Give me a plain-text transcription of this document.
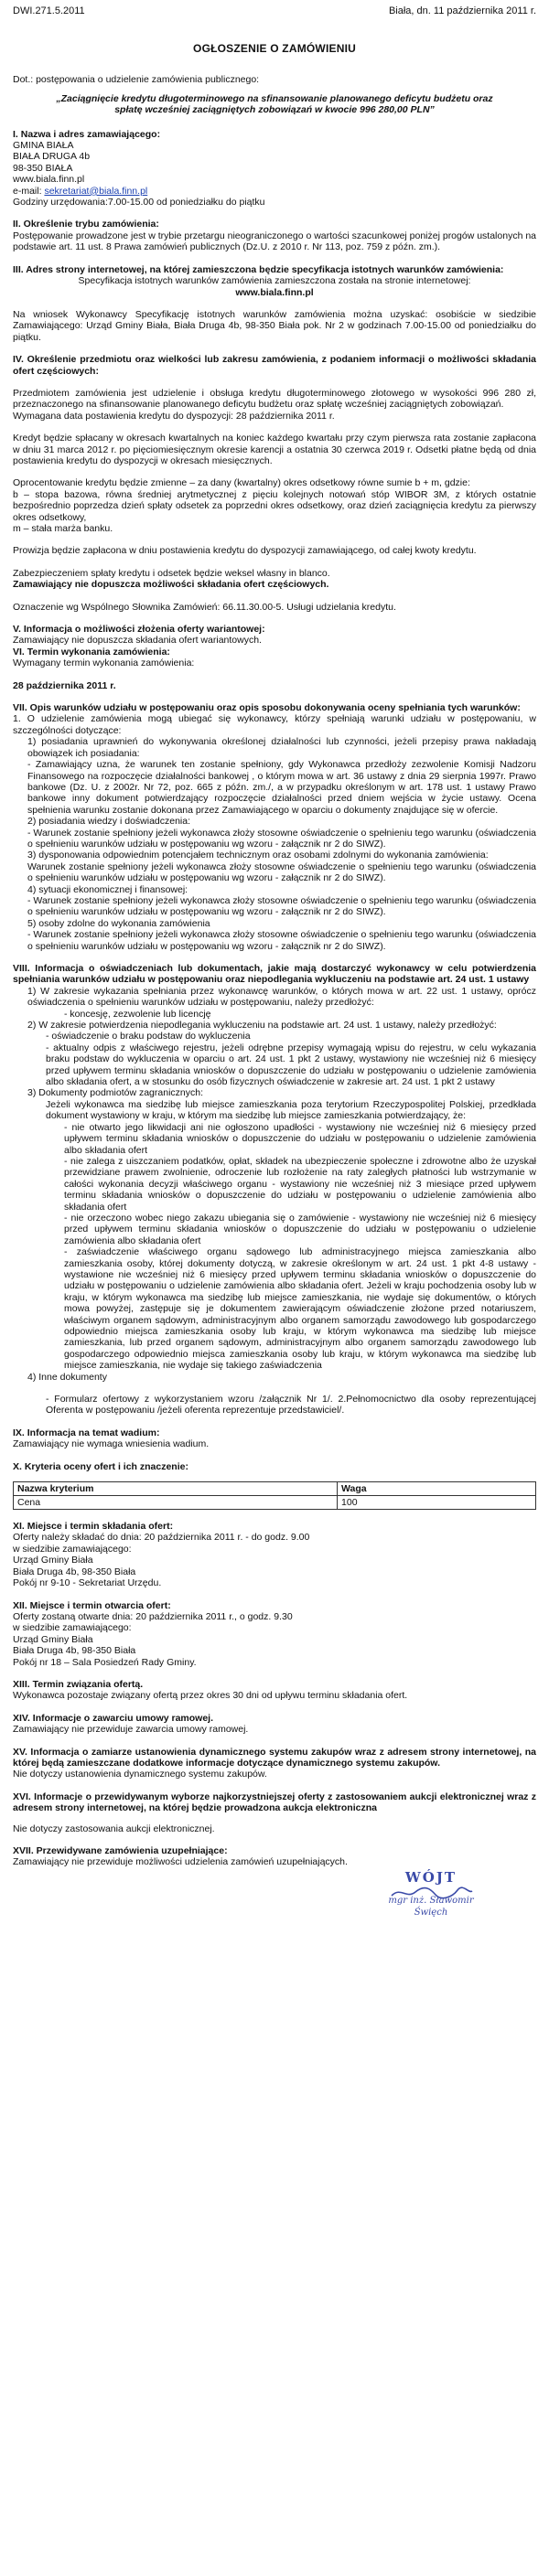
DWI.271.5.2011	Biała, dn. 11 października 2011 r.
OGŁOSZENIE O ZAMÓWIENIU

Dot.: postępowania o udzielenie zamówienia publicznego:

„Zaciągnięcie kredytu długoterminowego na sfinansowanie planowanego deficytu budżetu oraz spłatę wcześniej zaciągniętych zobowiązań w kwocie 996 280,00 PLN”

I. Nazwa i adres zamawiającego:

GMINA BIAŁA

BIAŁA DRUGA 4b

98-350 BIAŁA

www.biala.finn.pl

e-mail: sekretariat@biala.finn.pl

Godziny urzędowania:7.00-15.00 od poniedziałku do piątku

II. Określenie trybu zamówienia:

Postępowanie prowadzone jest w trybie przetargu nieograniczonego o wartości szacunkowej poniżej progów ustalonych na podstawie art. 11 ust. 8 Prawa zamówień publicznych (Dz.U. z 2010 r. Nr 113, poz. 759 z późn. zm.).

III. Adres strony internetowej, na której zamieszczona będzie specyfikacja istotnych warunków zamówienia:

Specyfikacja istotnych warunków zamówienia zamieszczona została na stronie internetowej:

www.biala.finn.pl

Na wniosek Wykonawcy Specyfikację istotnych warunków zamówienia można uzyskać: osobiście w siedzibie Zamawiającego: Urząd Gminy Biała, Biała Druga 4b, 98-350 Biała pok. Nr 2 w godzinach 7.00-15.00 od poniedziałku do piątku.

IV. Określenie przedmiotu oraz wielkości lub zakresu zamówienia, z podaniem informacji o możliwości składania ofert częściowych:

Przedmiotem zamówienia jest udzielenie i obsługa kredytu długoterminowego złotowego w wysokości 996 280 zł, przeznaczonego na sfinansowanie planowanego deficytu budżetu oraz spłatę wcześniej zaciągniętych zobowiązań.

Wymagana data postawienia kredytu do dyspozycji: 28 października 2011 r.

Kredyt będzie spłacany w okresach kwartalnych na koniec każdego kwartału przy czym pierwsza rata zostanie zapłacona w dniu 31 marca 2012 r. po pięciomiesięcznym okresie karencji a ostatnia 30 czerwca 2019 r. Odsetki płatne będą od dnia postawienia kredytu do dyspozycji w okresach miesięcznych.

Oprocentowanie kredytu będzie zmienne – za dany (kwartalny) okres odsetkowy równe sumie b + m, gdzie:

b – stopa bazowa, równa średniej arytmetycznej z pięciu kolejnych notowań stóp WIBOR 3M, z których ostatnie bezpośrednio poprzedza dzień spłaty odsetek za poprzedni okres odsetkowy, oraz dzień zaciągnięcia kredytu za pierwszy okres odsetkowy,

m – stała marża banku.

Prowizja będzie zapłacona w dniu postawienia kredytu do dyspozycji zamawiającego, od całej kwoty kredytu.

Zabezpieczeniem spłaty kredytu i odsetek będzie weksel własny in blanco.

Zamawiający nie dopuszcza możliwości składania ofert częściowych.

Oznaczenie wg Wspólnego Słownika Zamówień: 66.11.30.00-5. Usługi udzielania kredytu.

V. Informacja o możliwości złożenia oferty wariantowej:

Zamawiający nie dopuszcza składania ofert wariantowych.

VI. Termin wykonania zamówienia:

Wymagany termin wykonania zamówienia:

28 października 2011 r.

VII. Opis warunków udziału w postępowaniu oraz opis sposobu dokonywania oceny spełniania tych warunków:

1. O udzielenie zamówienia mogą ubiegać się wykonawcy, którzy spełniają warunki udziału w postępowaniu, w szczególności dotyczące:

1) posiadania uprawnień do wykonywania określonej działalności lub czynności, jeżeli przepisy prawa nakładają obowiązek ich posiadania:

- Zamawiający uzna, że warunek ten zostanie spełniony, gdy Wykonawca przedłoży zezwolenie Komisji Nadzoru Finansowego na rozpoczęcie działalności bankowej , o którym mowa w art. 36 ustawy z dnia 29 sierpnia 1997r. Prawo bankowe (Dz. U. z 2002r. Nr 72, poz. 665 z późn. zm./, a w przypadku określonym w art. 178 ust. 1 ustawy Prawo bankowe inny dokument potwierdzający rozpoczęcie działalności przed dniem wejścia w życie ustawy. Ocena spełnienia warunku zostanie dokonana przez Zamawiającego w oparciu o dokumenty znajdujące się w ofercie.

2) posiadania wiedzy i doświadczenia:

- Warunek zostanie spełniony jeżeli wykonawca złoży stosowne oświadczenie o spełnieniu tego warunku (oświadczenia o spełnieniu warunków udziału w postępowaniu wg wzoru - załącznik nr 2 do SIWZ).

3) dysponowania odpowiednim potencjałem technicznym oraz osobami zdolnymi do wykonania zamówienia:

Warunek zostanie spełniony jeżeli wykonawca złoży stosowne oświadczenie o spełnieniu tego warunku (oświadczenia o spełnieniu warunków udziału w postępowaniu wg wzoru - załącznik nr 2 do SIWZ).

4) sytuacji ekonomicznej i finansowej:

- Warunek zostanie spełniony jeżeli wykonawca złoży stosowne oświadczenie o spełnieniu tego warunku (oświadczenia o spełnieniu warunków udziału w postępowaniu wg wzoru - załącznik nr 2 do SIWZ).

5) osoby zdolne do wykonania zamówienia

- Warunek zostanie spełniony jeżeli wykonawca złoży stosowne oświadczenie o spełnieniu tego warunku (oświadczenia o spełnieniu warunków udziału w postępowaniu wg wzoru - załącznik nr 2 do SIWZ).

VIII. Informacja o oświadczeniach lub dokumentach, jakie mają dostarczyć wykonawcy w celu potwierdzenia spełniania warunków udziału w postępowaniu oraz niepodlegania wykluczeniu na podstawie art. 24 ust. 1 ustawy

1) W zakresie wykazania spełniania przez wykonawcę warunków, o których mowa w art. 22 ust. 1 ustawy, oprócz oświadczenia o spełnieniu warunków udziału w postępowaniu, należy przedłożyć:

- koncesję, zezwolenie lub licencję

2) W zakresie potwierdzenia niepodlegania wykluczeniu na podstawie art. 24 ust. 1 ustawy, należy przedłożyć:

- oświadczenie o braku podstaw do wykluczenia

- aktualny odpis z właściwego rejestru, jeżeli odrębne przepisy wymagają wpisu do rejestru, w celu wykazania braku podstaw do wykluczenia w oparciu o art. 24 ust. 1 pkt 2 ustawy, wystawiony nie wcześniej niż 6 miesięcy przed upływem terminu składania wniosków o dopuszczenie do udziału w postępowaniu o udzielenie zamówienia albo składania ofert, a w stosunku do osób fizycznych oświadczenie w zakresie art. 24 ust. 1 pkt 2 ustawy

3) Dokumenty podmiotów zagranicznych:

Jeżeli wykonawca ma siedzibę lub miejsce zamieszkania poza terytorium Rzeczypospolitej Polskiej, przedkłada dokument wystawiony w kraju, w którym ma siedzibę lub miejsce zamieszkania potwierdzający, że:

- nie otwarto jego likwidacji ani nie ogłoszono upadłości - wystawiony nie wcześniej niż 6 miesięcy przed upływem terminu składania wniosków o dopuszczenie do udziału w postępowaniu o udzielenie zamówienia albo składania ofert

- nie zalega z uiszczaniem podatków, opłat, składek na ubezpieczenie społeczne i zdrowotne albo że uzyskał przewidziane prawem zwolnienie, odroczenie lub rozłożenie na raty zaległych płatności lub wstrzymanie w całości wykonania decyzji właściwego organu - wystawiony nie wcześniej niż 3 miesiące przed upływem terminu składania wniosków o dopuszczenie do udziału w postępowaniu o udzielenie zamówienia albo składania ofert

- nie orzeczono wobec niego zakazu ubiegania się o zamówienie - wystawiony nie wcześniej niż 6 miesięcy przed upływem terminu składania wniosków o dopuszczenie do udziału w postępowaniu o udzielenie zamówienia albo składania ofert

- zaświadczenie właściwego organu sądowego lub administracyjnego miejsca zamieszkania albo zamieszkania osoby, której dokumenty dotyczą, w zakresie określonym w art. 24 ust. 1 pkt 4-8 ustawy - wystawione nie wcześniej niż 6 miesięcy przed upływem terminu składania wniosków o dopuszczenie do udziału w postępowaniu o udzielenie zamówienia albo składania ofert. Jeżeli w kraju pochodzenia osoby lub w kraju, w którym wykonawca ma siedzibę lub miejsce zamieszkania, nie wydaje się dokumentów, o których mowa powyżej, zastępuje się je dokumentem zawierającym oświadczenie złożone przed notariuszem, właściwym organem sądowym, administracyjnym albo organem samorządu zawodowego lub gospodarczego odpowiednio miejsca zamieszkania osoby lub kraju, w którym wykonawca ma siedzibę lub miejsce zamieszkania, lub przed organem sądowym, administracyjnym albo organem samorządu zawodowego lub gospodarczego odpowiednio miejsca zamieszkania osoby lub kraju, w którym wykonawca ma siedzibę lub miejsce zamieszkania, nie wydaje się takiego zaświadczenia

4) Inne dokumenty

- Formularz ofertowy z wykorzystaniem wzoru /załącznik Nr 1/. 2.Pełnomocnictwo dla osoby reprezentującej Oferenta w postępowaniu /jeżeli oferenta reprezentuje przedstawiciel/.

IX. Informacja na temat wadium:

Zamawiający nie wymaga wniesienia wadium.

X. Kryteria oceny ofert i ich znaczenie:

Nazwa kryterium	Waga
Cena	100

XI. Miejsce i termin składania ofert:

Oferty należy składać do dnia: 20 października 2011 r. - do godz. 9.00

w siedzibie zamawiającego:

Urząd Gminy Biała

Biała Druga 4b, 98-350 Biała

Pokój nr 9-10 - Sekretariat Urzędu.

XII. Miejsce i termin otwarcia ofert:

Oferty zostaną otwarte dnia: 20 października 2011 r., o godz. 9.30

w siedzibie zamawiającego:

Urząd Gminy Biała

Biała Druga 4b, 98-350 Biała

Pokój nr 18 – Sala Posiedzeń Rady Gminy.

XIII. Termin związania ofertą.

Wykonawca pozostaje związany ofertą przez okres 30 dni od upływu terminu składania ofert.

XIV. Informacje o zawarciu umowy ramowej.

Zamawiający nie przewiduje zawarcia umowy ramowej.

XV. Informacja o zamiarze ustanowienia dynamicznego systemu zakupów wraz z adresem strony internetowej, na której będą zamieszczane dodatkowe informacje dotyczące dynamicznego systemu zakupów.

Nie dotyczy ustanowienia dynamicznego systemu zakupów.

XVI. Informacje o przewidywanym wyborze najkorzystniejszej oferty z zastosowaniem aukcji elektronicznej wraz z adresem strony internetowej, na której będzie prowadzona aukcja elektroniczna

Nie dotyczy zastosowania aukcji elektronicznej.

XVII. Przewidywane zamówienia uzupełniające:

Zamawiający nie przewiduje możliwości udzielenia zamówień uzupełniających.

WÓJT
mgr inż. Sławomir Święch
